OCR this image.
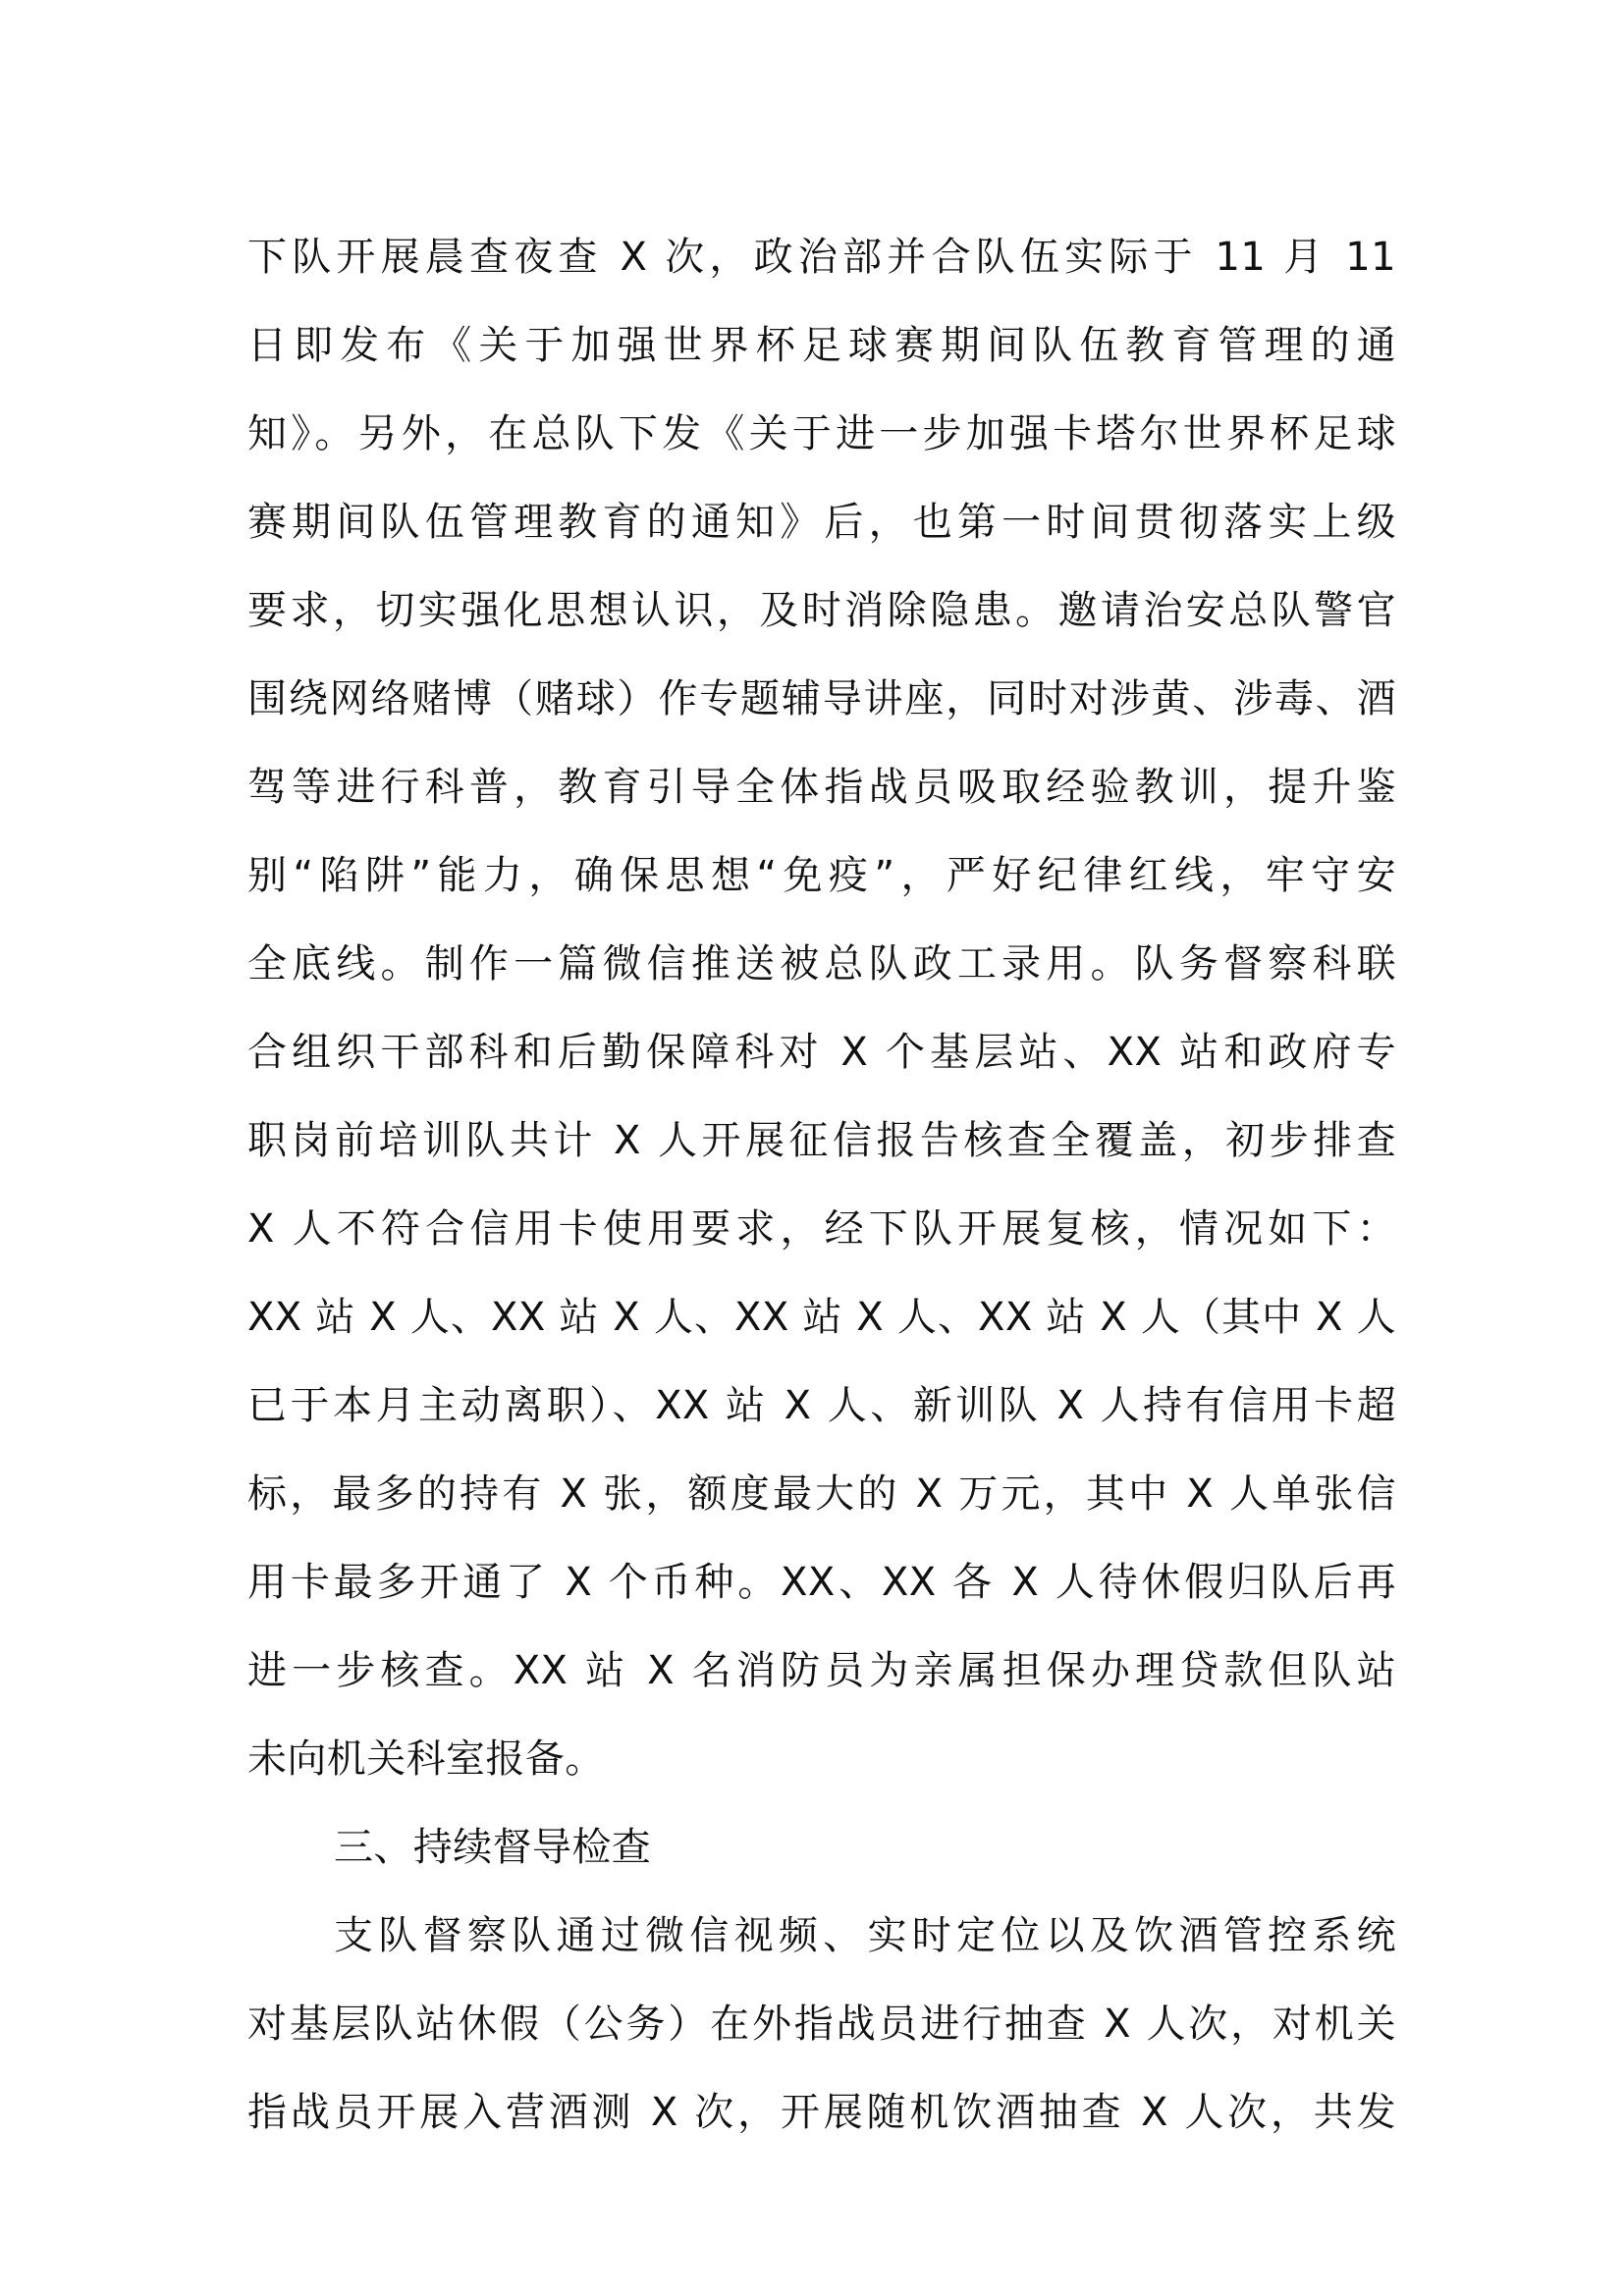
下队开展晨查夜查 X 次，政治部并合队伍实际于 11 月 11
日即发布《关于加强世界杯足球赛期间队伍教育管理的通
知》。另外，在总队下发《关于进一步加强卡塔尔世界杯足球
赛期间队伍管理教育的通知》后，也第一时间贯彻落实上级
要求，切实强化思想认识，及时消除隐患。邀请治安总队警官
围绕网络赌博（赌球）作专题辅导讲座，同时对涉黄、涉毒、酒
驾等进行科普，教育引导全体指战员吸取经验教训，提升鉴
别“陷阱”能力，确保思想“免疫”，严好纪律红线，牢守安
全底线。制作一篇微信推送被总队政工录用。队务督察科联
合组织干部科和后勤保障科对 X 个基层站、XX 站和政府专
职岗前培训队共计 X 人开展征信报告核查全覆盖，初步排查
X 人不符合信用卡使用要求，经下队开展复核，情况如下：
XX 站 X 人、XX 站 X 人、XX 站 X 人、XX 站 X 人（其中 X 人
已于本月主动离职）、XX 站 X 人、新训队 X 人持有信用卡超
标，最多的持有 X 张，额度最大的 X 万元，其中 X 人单张信
用卡最多开通了 X 个币种。XX、XX 各 X 人待休假归队后再
进一步核查。XX 站 X 名消防员为亲属担保办理贷款但队站
未向机关科室报备。
三、持续督导检查
支队督察队通过微信视频、实时定位以及饮酒管控系统
对基层队站休假（公务）在外指战员进行抽查 X 人次，对机关
指战员开展入营酒测 X 次，开展随机饮酒抽查 X 人次，共发
